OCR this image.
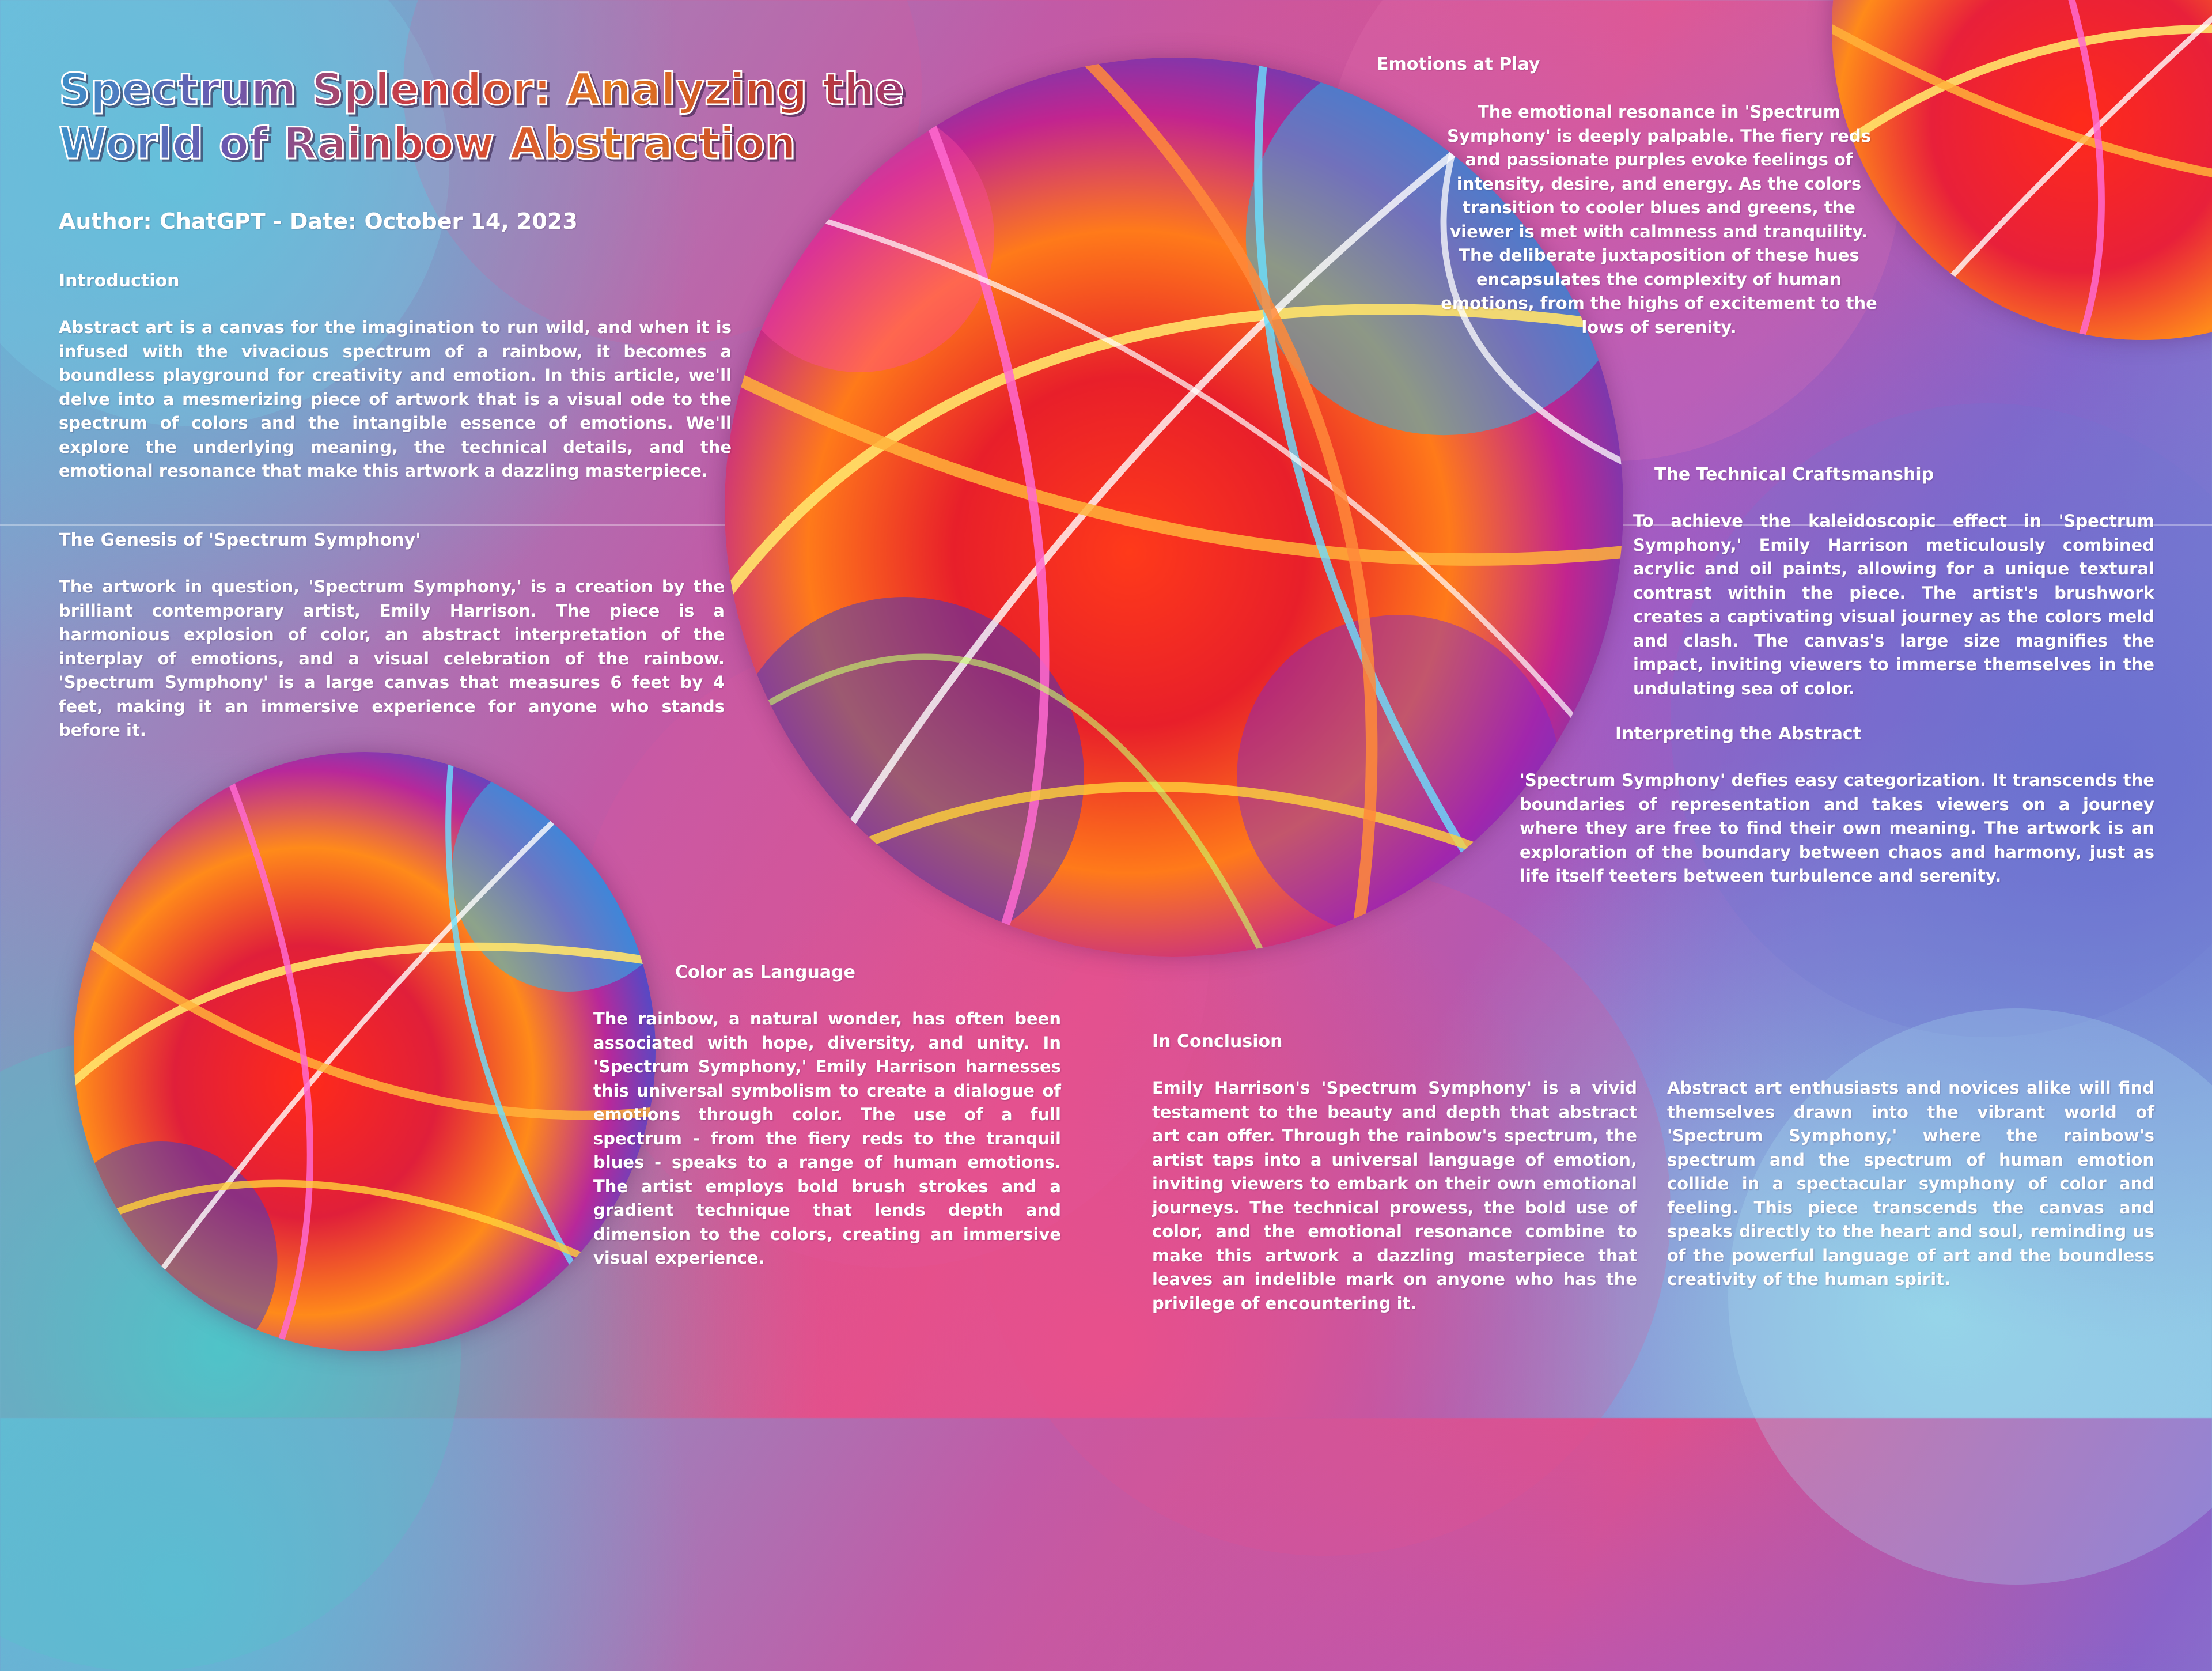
Spectrum Splendor: Analyzing the World of Rainbow Abstraction

Author: ChatGPT - Date: October 14, 2023

Introduction

Abstract art is a canvas for the imagination to run wild, and when it is infused with the vivacious spectrum of a rainbow, it becomes a boundless playground for creativity and emotion. In this article, we'll delve into a mesmerizing piece of artwork that is a visual ode to the spectrum of colors and the intangible essence of emotions. We'll explore the underlying meaning, the technical details, and the emotional resonance that make this artwork a dazzling masterpiece.

The Genesis of 'Spectrum Symphony'

The artwork in question, 'Spectrum Symphony,' is a creation by the brilliant contemporary artist, Emily Harrison. The piece is a harmonious explosion of color, an abstract interpretation of the interplay of emotions, and a visual celebration of the rainbow. 'Spectrum Symphony' is a large canvas that measures 6 feet by 4 feet, making it an immersive experience for anyone who stands before it.

Emotions at Play

The emotional resonance in 'Spectrum Symphony' is deeply palpable. The fiery reds and passionate purples evoke feelings of intensity, desire, and energy. As the colors transition to cooler blues and greens, the viewer is met with calmness and tranquility. The deliberate juxtaposition of these hues encapsulates the complexity of human emotions, from the highs of excitement to the lows of serenity.

The Technical Craftsmanship

To achieve the kaleidoscopic effect in 'Spectrum Symphony,' Emily Harrison meticulously combined acrylic and oil paints, allowing for a unique textural contrast within the piece. The artist's brushwork creates a captivating visual journey as the colors meld and clash. The canvas's large size magnifies the impact, inviting viewers to immerse themselves in the undulating sea of color.

Interpreting the Abstract

'Spectrum Symphony' defies easy categorization. It transcends the boundaries of representation and takes viewers on a journey where they are free to find their own meaning. The artwork is an exploration of the boundary between chaos and harmony, just as life itself teeters between turbulence and serenity.

Color as Language

The rainbow, a natural wonder, has often been associated with hope, diversity, and unity. In 'Spectrum Symphony,' Emily Harrison harnesses this universal symbolism to create a dialogue of emotions through color. The use of a full spectrum - from the fiery reds to the tranquil blues - speaks to a range of human emotions. The artist employs bold brush strokes and a gradient technique that lends depth and dimension to the colors, creating an immersive visual experience.

In Conclusion

Emily Harrison's 'Spectrum Symphony' is a vivid testament to the beauty and depth that abstract art can offer. Through the rainbow's spectrum, the artist taps into a universal language of emotion, inviting viewers to embark on their own emotional journeys. The technical prowess, the bold use of color, and the emotional resonance combine to make this artwork a dazzling masterpiece that leaves an indelible mark on anyone who has the privilege of encountering it.

Abstract art enthusiasts and novices alike will find themselves drawn into the vibrant world of 'Spectrum Symphony,' where the rainbow's spectrum and the spectrum of human emotion collide in a spectacular symphony of color and feeling. This piece transcends the canvas and speaks directly to the heart and soul, reminding us of the powerful language of art and the boundless creativity of the human spirit.
